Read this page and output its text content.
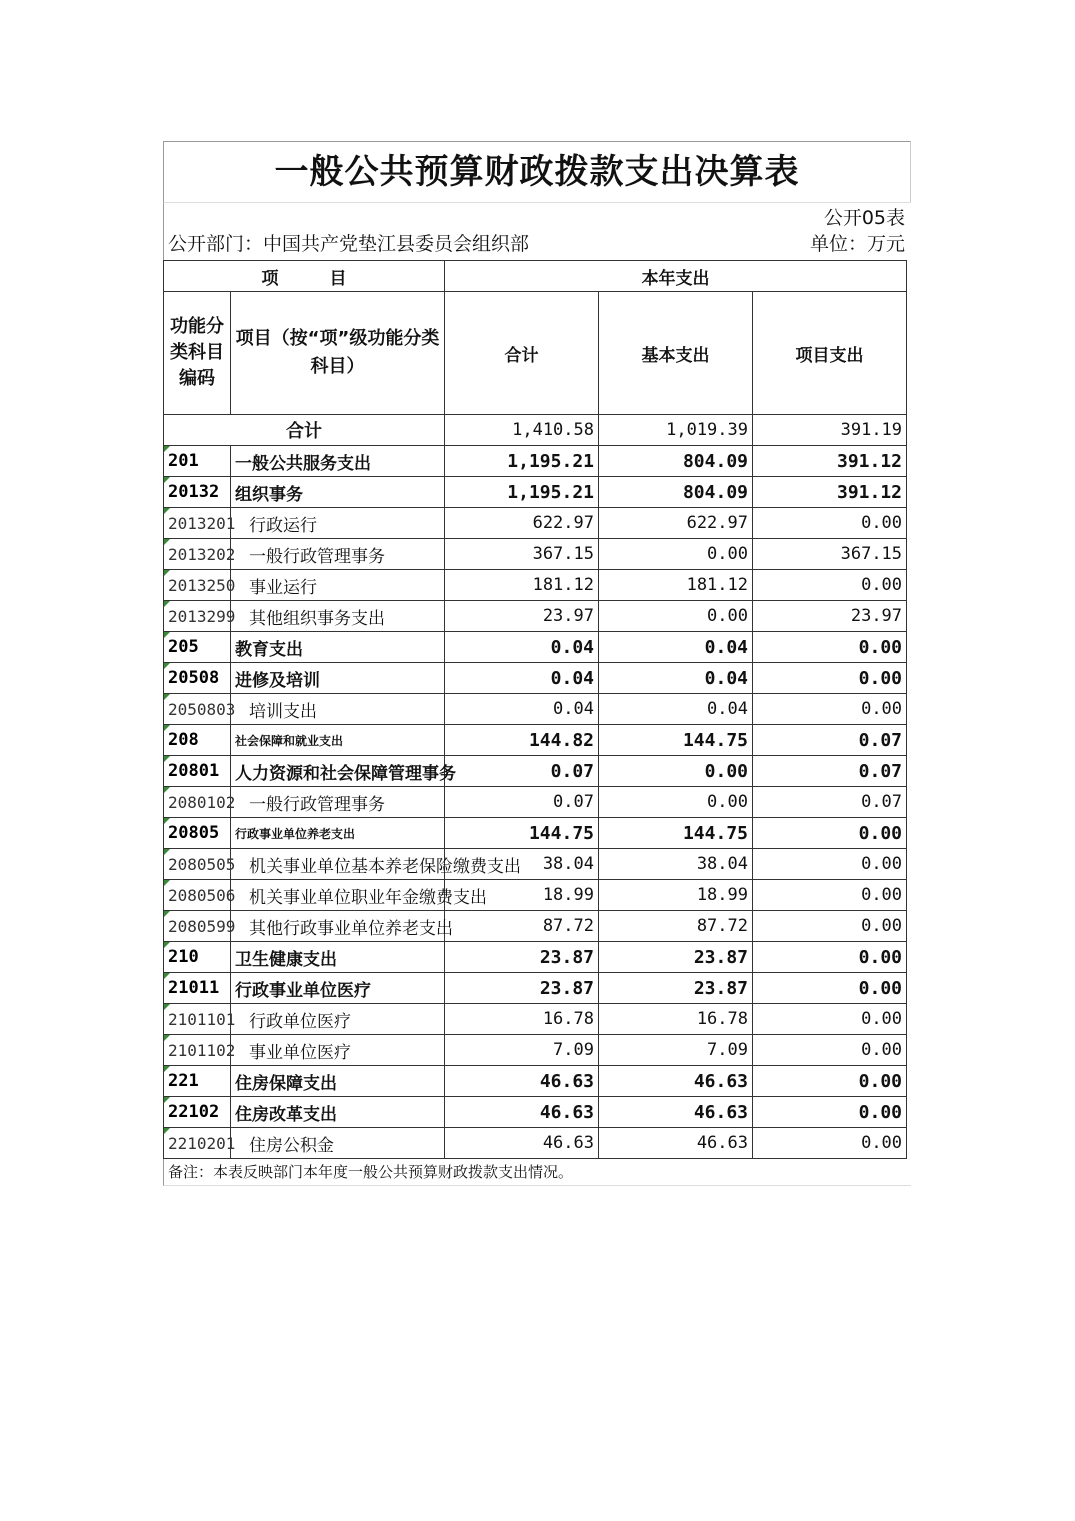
一般公共预算财政拨款支出决算表
公开05表
公开部门：中国共产党垫江县委员会组织部	单位：万元
项　　　目		本年支出		
功能分类科目编码	项目（按“项”级功能分类科目）	合计	基本支出	项目支出
合计		1,410.58	1,019.39	391.19
201	一般公共服务支出	1,195.21	804.09	391.12
20132	组织事务	1,195.21	804.09	391.12
2013201	行政运行	622.97	622.97	0.00
2013202	一般行政管理事务	367.15	0.00	367.15
2013250	事业运行	181.12	181.12	0.00
2013299	其他组织事务支出	23.97	0.00	23.97
205	教育支出	0.04	0.04	0.00
20508	进修及培训	0.04	0.04	0.00
2050803	培训支出	0.04	0.04	0.00
208	社会保障和就业支出	144.82	144.75	0.07
20801	人力资源和社会保障管理事务	0.07	0.00	0.07
2080102	一般行政管理事务	0.07	0.00	0.07
20805	行政事业单位养老支出	144.75	144.75	0.00
2080505	机关事业单位基本养老保险缴费支出	38.04	38.04	0.00
2080506	机关事业单位职业年金缴费支出	18.99	18.99	0.00
2080599	其他行政事业单位养老支出	87.72	87.72	0.00
210	卫生健康支出	23.87	23.87	0.00
21011	行政事业单位医疗	23.87	23.87	0.00
2101101	行政单位医疗	16.78	16.78	0.00
2101102	事业单位医疗	7.09	7.09	0.00
221	住房保障支出	46.63	46.63	0.00
22102	住房改革支出	46.63	46.63	0.00
2210201	住房公积金	46.63	46.63	0.00
备注：本表反映部门本年度一般公共预算财政拨款支出情况。
